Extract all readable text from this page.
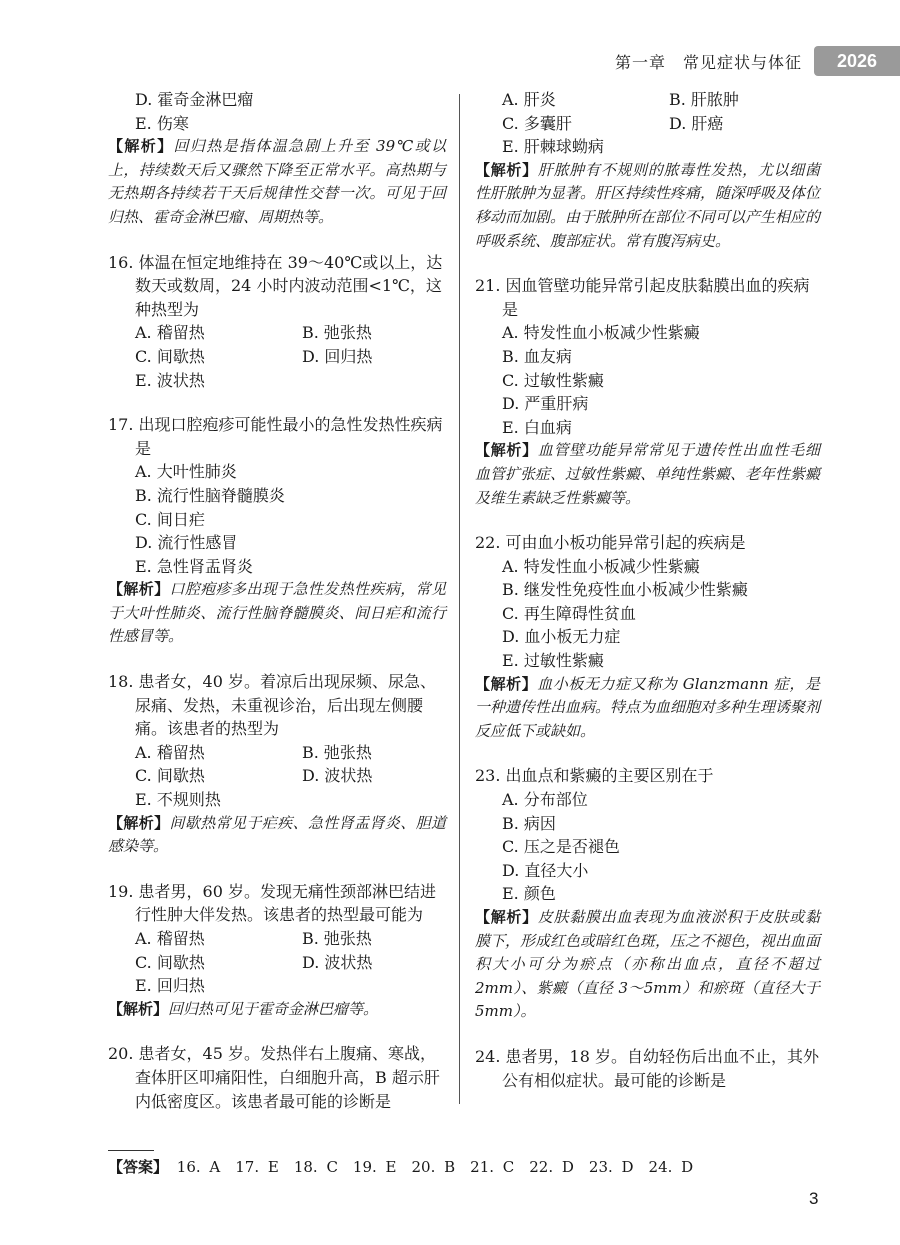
第一章　常见症状与体征	2026
D. 霍奇金淋巴瘤
E. 伤寒
【解析】回归热是指体温急剧上升至 39℃或以上，持续数天后又骤然下降至正常水平。高热期与无热期各持续若干天后规律性交替一次。可见于回归热、霍奇金淋巴瘤、周期热等。
16. 体温在恒定地维持在 39～40℃或以上，达数天或数周，24 小时内波动范围<1℃，这种热型为
A. 稽留热	B. 弛张热
C. 间歇热	D. 回归热
E. 波状热
17. 出现口腔疱疹可能性最小的急性发热性疾病是
A. 大叶性肺炎
B. 流行性脑脊髓膜炎
C. 间日疟
D. 流行性感冒
E. 急性肾盂肾炎
【解析】口腔疱疹多出现于急性发热性疾病，常见于大叶性肺炎、流行性脑脊髓膜炎、间日疟和流行性感冒等。
18. 患者女，40 岁。着凉后出现尿频、尿急、尿痛、发热，未重视诊治，后出现左侧腰痛。该患者的热型为
A. 稽留热	B. 弛张热
C. 间歇热	D. 波状热
E. 不规则热
【解析】间歇热常见于疟疾、急性肾盂肾炎、胆道感染等。
19. 患者男，60 岁。发现无痛性颈部淋巴结进行性肿大伴发热。该患者的热型最可能为
A. 稽留热	B. 弛张热
C. 间歇热	D. 波状热
E. 回归热
【解析】回归热可见于霍奇金淋巴瘤等。
20. 患者女，45 岁。发热伴右上腹痛、寒战，查体肝区叩痛阳性，白细胞升高，B 超示肝内低密度区。该患者最可能的诊断是
A. 肝炎	B. 肝脓肿
C. 多囊肝	D. 肝癌
E. 肝棘球蚴病
【解析】肝脓肿有不规则的脓毒性发热，尤以细菌性肝脓肿为显著。肝区持续性疼痛，随深呼吸及体位移动而加剧。由于脓肿所在部位不同可以产生相应的呼吸系统、腹部症状。常有腹泻病史。
21. 因血管壁功能异常引起皮肤黏膜出血的疾病是
A. 特发性血小板减少性紫癜
B. 血友病
C. 过敏性紫癜
D. 严重肝病
E. 白血病
【解析】血管壁功能异常常见于遗传性出血性毛细血管扩张症、过敏性紫癜、单纯性紫癜、老年性紫癜及维生素缺乏性紫癜等。
22. 可由血小板功能异常引起的疾病是
A. 特发性血小板减少性紫癜
B. 继发性免疫性血小板减少性紫癜
C. 再生障碍性贫血
D. 血小板无力症
E. 过敏性紫癜
【解析】血小板无力症又称为 Glanzmann 症，是一种遗传性出血病。特点为血细胞对多种生理诱聚剂反应低下或缺如。
23. 出血点和紫癜的主要区别在于
A. 分布部位
B. 病因
C. 压之是否褪色
D. 直径大小
E. 颜色
【解析】皮肤黏膜出血表现为血液淤积于皮肤或黏膜下，形成红色或暗红色斑，压之不褪色，视出血面积大小可分为瘀点（亦称出血点，直径不超过 2mm）、紫癜（直径 3～5mm）和瘀斑（直径大于 5mm）。
24. 患者男，18 岁。自幼轻伤后出血不止，其外公有相似症状。最可能的诊断是
【答案】 16. A　17. E　18. C　19. E　20. B　21. C　22. D　23. D　24. D
3
